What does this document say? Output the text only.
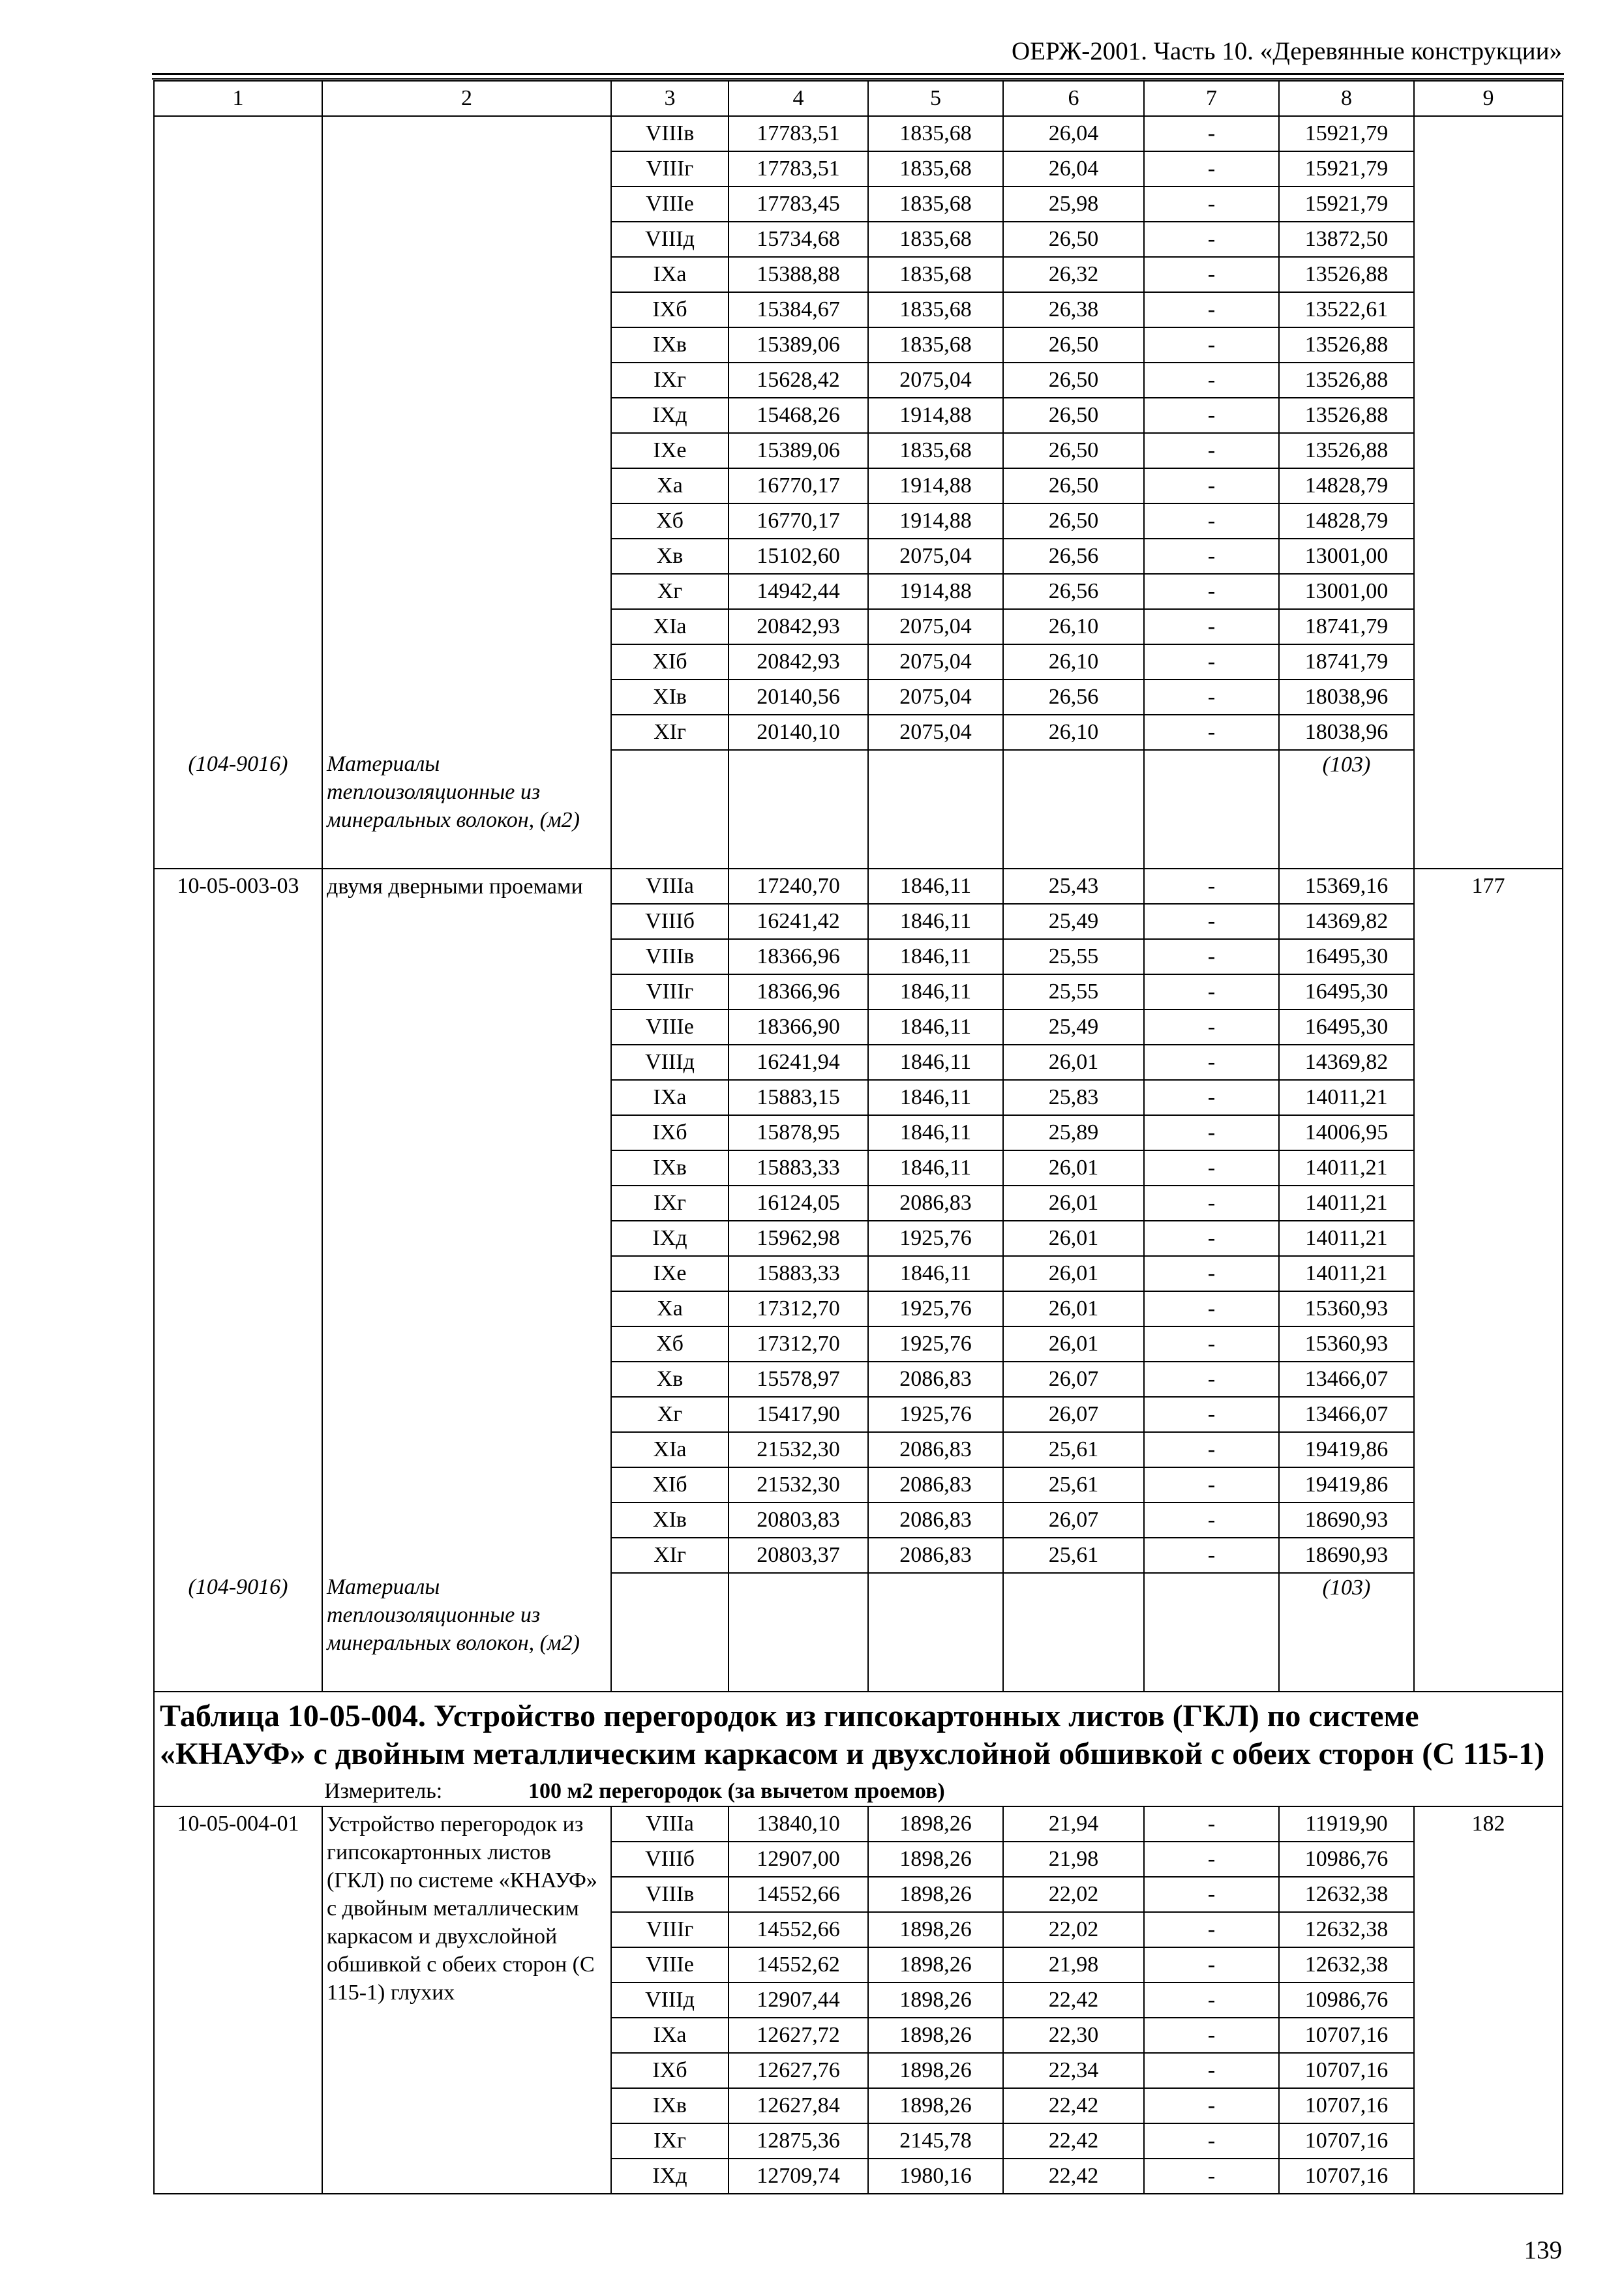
ОЕРЖ-2001. Часть 10. «Деревянные конструкции»
1	2	3	4	5	6	7	8	9
		VIIIв	17783,51	1835,68	26,04	-	15921,79	
		VIIIг	17783,51	1835,68	26,04	-	15921,79	
		VIIIe	17783,45	1835,68	25,98	-	15921,79	
		VIIIд	15734,68	1835,68	26,50	-	13872,50	
		IXa	15388,88	1835,68	26,32	-	13526,88	
		IXб	15384,67	1835,68	26,38	-	13522,61	
		IXв	15389,06	1835,68	26,50	-	13526,88	
		IXг	15628,42	2075,04	26,50	-	13526,88	
		IXд	15468,26	1914,88	26,50	-	13526,88	
		IXe	15389,06	1835,68	26,50	-	13526,88	
		Xa	16770,17	1914,88	26,50	-	14828,79	
		Xб	16770,17	1914,88	26,50	-	14828,79	
		Xв	15102,60	2075,04	26,56	-	13001,00	
		Xг	14942,44	1914,88	26,56	-	13001,00	
		XIa	20842,93	2075,04	26,10	-	18741,79	
		XIб	20842,93	2075,04	26,10	-	18741,79	
		XIв	20140,56	2075,04	26,56	-	18038,96	
		XIг	20140,10	2075,04	26,10	-	18038,96	

(104-9016)	Материалы теплоизоляционные из минеральных волокон, (м2)						(103)	

10-05-003-03	двумя дверными проемами	VIIIa	17240,70	1846,11	25,43	-	15369,16	177

		VIIIб	16241,42	1846,11	25,49	-	14369,82	
		VIIIв	18366,96	1846,11	25,55	-	16495,30	
		VIIIг	18366,96	1846,11	25,55	-	16495,30	
		VIIIe	18366,90	1846,11	25,49	-	16495,30	
		VIIIд	16241,94	1846,11	26,01	-	14369,82	
		IXa	15883,15	1846,11	25,83	-	14011,21	
		IXб	15878,95	1846,11	25,89	-	14006,95	
		IXв	15883,33	1846,11	26,01	-	14011,21	
		IXг	16124,05	2086,83	26,01	-	14011,21	
		IXд	15962,98	1925,76	26,01	-	14011,21	
		IXe	15883,33	1846,11	26,01	-	14011,21	
		Xa	17312,70	1925,76	26,01	-	15360,93	
		Xб	17312,70	1925,76	26,01	-	15360,93	
		Xв	15578,97	2086,83	26,07	-	13466,07	
		Xг	15417,90	1925,76	26,07	-	13466,07	
		XIa	21532,30	2086,83	25,61	-	19419,86	
		XIб	21532,30	2086,83	25,61	-	19419,86	
		XIв	20803,83	2086,83	26,07	-	18690,93	
		XIг	20803,37	2086,83	25,61	-	18690,93	

(104-9016)	Материалы теплоизоляционные из минеральных волокон, (м2)						(103)	

Таблица 10-05-004. Устройство перегородок из гипсокартонных листов (ГКЛ) по системе «КНАУФ» с двойным металлическим каркасом и двухслойной обшивкой с обеих сторон (С 115-1)
Измеритель: 100 м2 перегородок (за вычетом проемов)								

10-05-004-01	Устройство перегородок из гипсокартонных листов (ГКЛ) по системе «КНАУФ» с двойным металлическим каркасом и двухслойной обшивкой с обеих сторон (С 115-1) глухих	VIIIa	13840,10	1898,26	21,94	-	11919,90	182

		VIIIб	12907,00	1898,26	21,98	-	10986,76	
		VIIIв	14552,66	1898,26	22,02	-	12632,38	
		VIIIг	14552,66	1898,26	22,02	-	12632,38	
		VIIIe	14552,62	1898,26	21,98	-	12632,38	
		VIIIд	12907,44	1898,26	22,42	-	10986,76	
		IXa	12627,72	1898,26	22,30	-	10707,16	
		IXб	12627,76	1898,26	22,34	-	10707,16	
		IXв	12627,84	1898,26	22,42	-	10707,16	
		IXг	12875,36	2145,78	22,42	-	10707,16	
		IXд	12709,74	1980,16	22,42	-	10707,16	
139
